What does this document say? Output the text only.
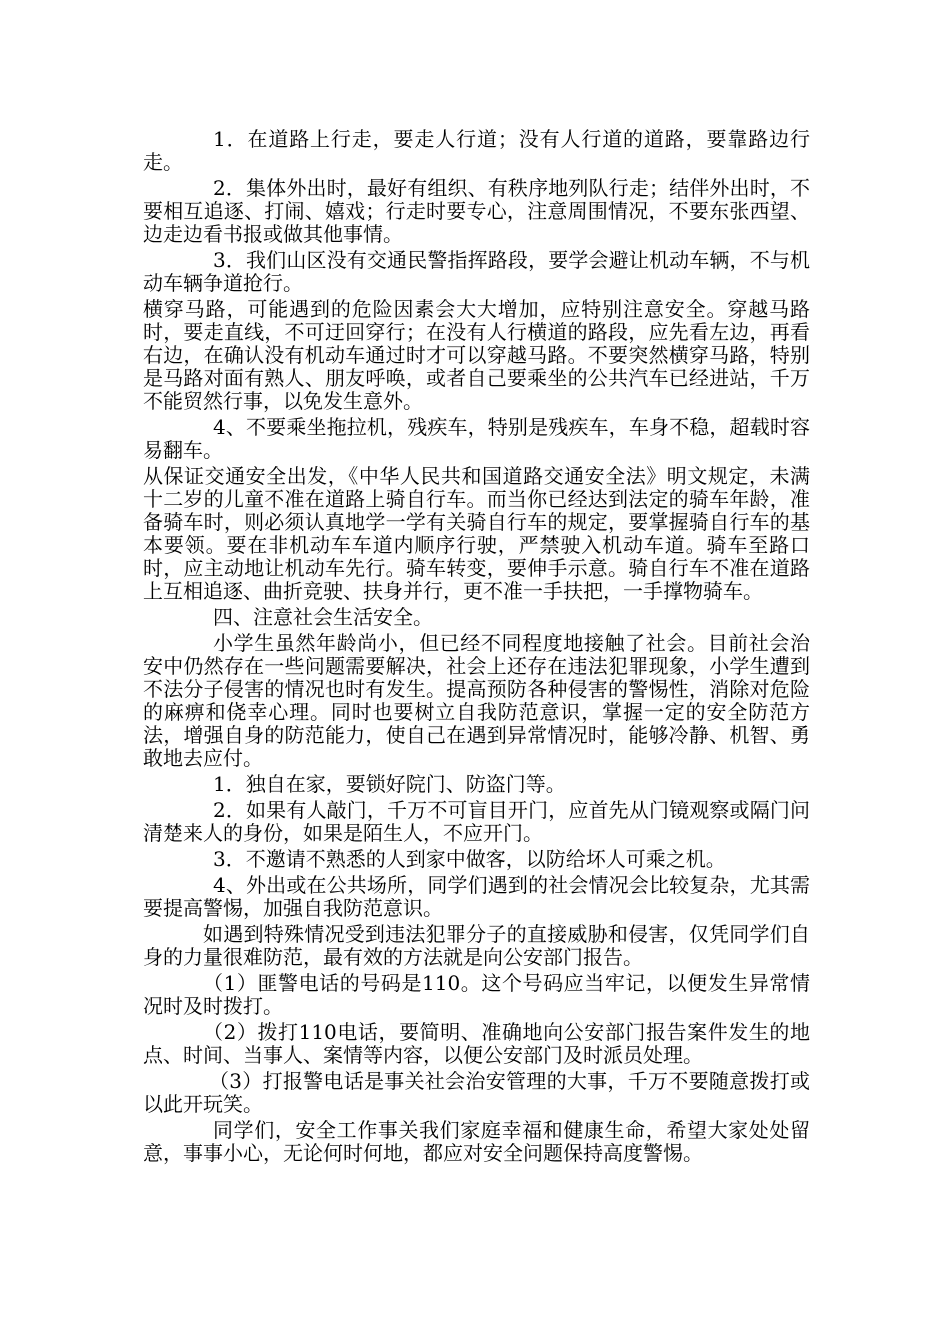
1．在道路上行走，要走人行道；没有人行道的道路，要靠路边行走。

2．集体外出时，最好有组织、有秩序地列队行走；结伴外出时，不要相互追逐、打闹、嬉戏；行走时要专心，注意周围情况，不要东张西望、边走边看书报或做其他事情。

3．我们山区没有交通民警指挥路段，要学会避让机动车辆，不与机动车辆争道抢行。

横穿马路，可能遇到的危险因素会大大增加，应特别注意安全。穿越马路时，要走直线，不可迂回穿行；在没有人行横道的路段，应先看左边，再看右边，在确认没有机动车通过时才可以穿越马路。不要突然横穿马路，特别是马路对面有熟人、朋友呼唤，或者自己要乘坐的公共汽车已经进站，千万不能贸然行事，以免发生意外。

4、不要乘坐拖拉机，残疾车，特别是残疾车，车身不稳，超载时容易翻车。

从保证交通安全出发，《中华人民共和国道路交通安全法》明文规定，未满十二岁的儿童不准在道路上骑自行车。而当你已经达到法定的骑车年龄，准备骑车时，则必须认真地学一学有关骑自行车的规定，要掌握骑自行车的基本要领。要在非机动车车道内顺序行驶，严禁驶入机动车道。骑车至路口时，应主动地让机动车先行。骑车转变，要伸手示意。骑自行车不准在道路上互相追逐、曲折竞驶、扶身并行，更不准一手扶把，一手撑物骑车。

四、注意社会生活安全。

小学生虽然年龄尚小，但已经不同程度地接触了社会。目前社会治安中仍然存在一些问题需要解决，社会上还存在违法犯罪现象，小学生遭到不法分子侵害的情况也时有发生。提高预防各种侵害的警惕性，消除对危险的麻痹和侥幸心理。同时也要树立自我防范意识，掌握一定的安全防范方法，增强自身的防范能力，使自己在遇到异常情况时，能够冷静、机智、勇敢地去应付。

1．独自在家，要锁好院门、防盗门等。

2．如果有人敲门，千万不可盲目开门，应首先从门镜观察或隔门问清楚来人的身份，如果是陌生人，不应开门。

3．不邀请不熟悉的人到家中做客，以防给坏人可乘之机。

4、外出或在公共场所，同学们遇到的社会情况会比较复杂，尤其需要提高警惕，加强自我防范意识。

如遇到特殊情况受到违法犯罪分子的直接威胁和侵害，仅凭同学们自身的力量很难防范，最有效的方法就是向公安部门报告。

（1）匪警电话的号码是110。这个号码应当牢记，以便发生异常情况时及时拨打。

（2）拨打110电话，要简明、准确地向公安部门报告案件发生的地点、时间、当事人、案情等内容，以便公安部门及时派员处理。

（3）打报警电话是事关社会治安管理的大事，千万不要随意拨打或以此开玩笑。

同学们，安全工作事关我们家庭幸福和健康生命，希望大家处处留意，事事小心，无论何时何地，都应对安全问题保持高度警惕。
